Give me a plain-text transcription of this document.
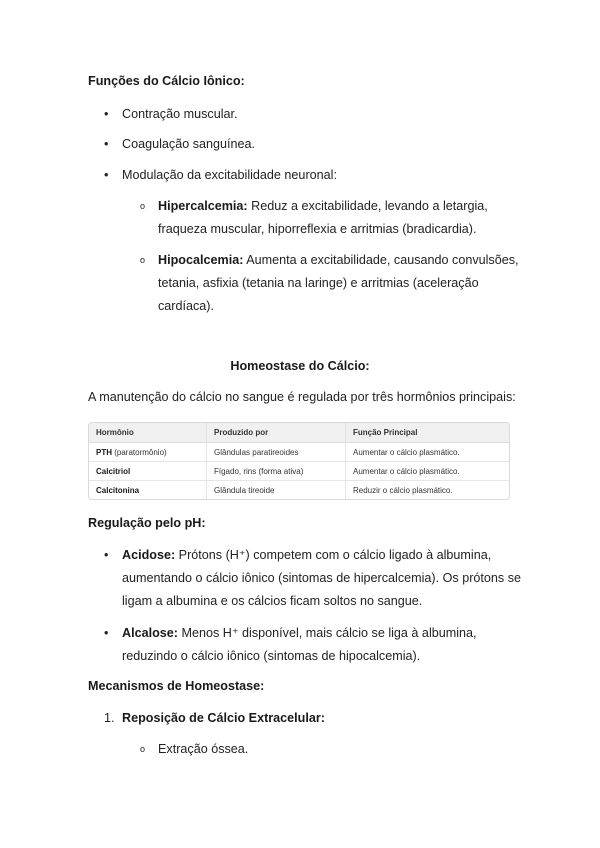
Funções do Cálcio Iônico:
•	Contração muscular.
•	Coagulação sanguínea.
•	Modulação da excitabilidade neuronal:
o Hipercalcemia: Reduz a excitabilidade, levando a letargia, fraqueza muscular, hiporreflexia e arritmias (bradicardia).
o Hipocalcemia: Aumenta a excitabilidade, causando convulsões, tetania, asfixia (tetania na laringe) e arritmias (aceleração cardíaca).
Homeostase do Cálcio:
A manutenção do cálcio no sangue é regulada por três hormônios principais:
Hormônio	Produzido por	Função Principal
PTH (paratormônio)	Glândulas paratireoides	Aumentar o cálcio plasmático.
Calcitriol	Fígado, rins (forma ativa)	Aumentar o cálcio plasmático.
Calcitonina	Glândula tireoide	Reduzir o cálcio plasmático.
Regulação pelo pH:
•	Acidose: Prótons (H⁺) competem com o cálcio ligado à albumina, aumentando o cálcio iônico (sintomas de hipercalcemia). Os prótons se ligam a albumina e os cálcios ficam soltos no sangue.
•	Alcalose: Menos H⁺ disponível, mais cálcio se liga à albumina, reduzindo o cálcio iônico (sintomas de hipocalcemia).
Mecanismos de Homeostase:
1. Reposição de Cálcio Extracelular:
o Extração óssea.
